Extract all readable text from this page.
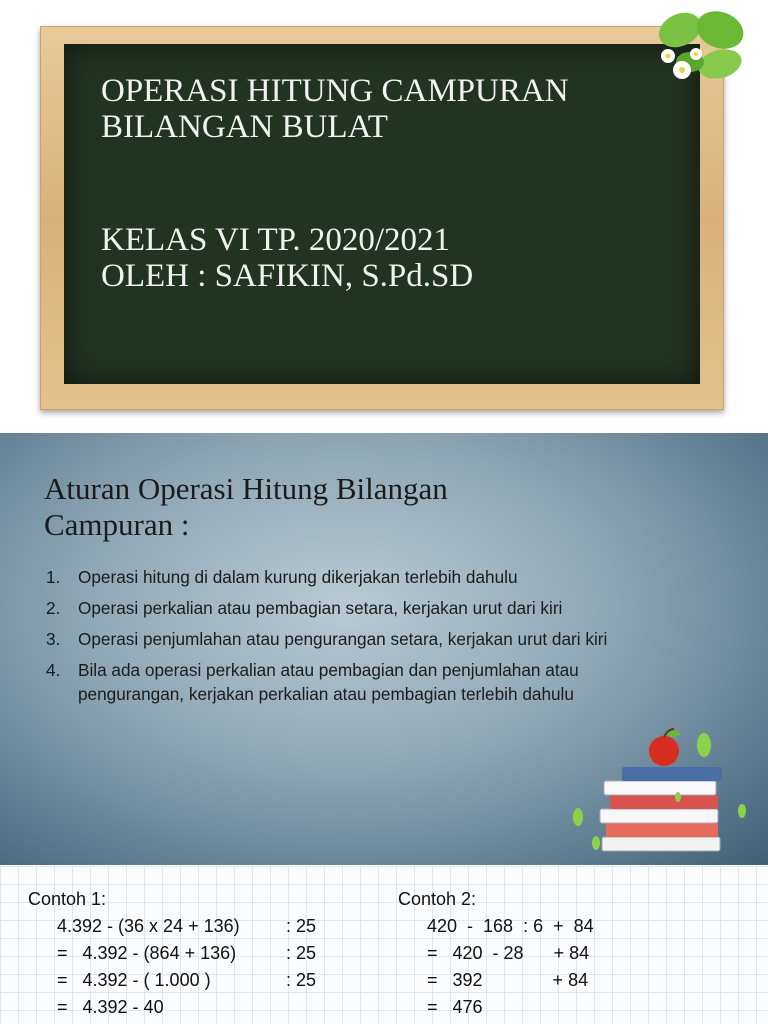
OPERASI HITUNG CAMPURAN
BILANGAN BULAT
KELAS VI TP. 2020/2021
OLEH : SAFIKIN, S.Pd.SD
Aturan Operasi Hitung Bilangan
Campuran :
1. Operasi hitung di dalam kurung dikerjakan terlebih dahulu
2. Operasi perkalian atau pembagian setara, kerjakan urut dari kiri
3. Operasi penjumlahan atau pengurangan setara, kerjakan urut dari kiri
4. Bila ada operasi perkalian atau pembagian dan penjumlahan atau pengurangan, kerjakan perkalian atau pembagian terlebih dahulu
Contoh 1:
4.392 - (36 x 24 + 136)	: 25
=   4.392 - (864 + 136)	: 25
=   4.392 - ( 1.000 )	: 25
=   4.392 - 40
Contoh 2:
420  -  168  : 6  +  84
=   420  - 28      + 84
=   392              + 84
=   476
